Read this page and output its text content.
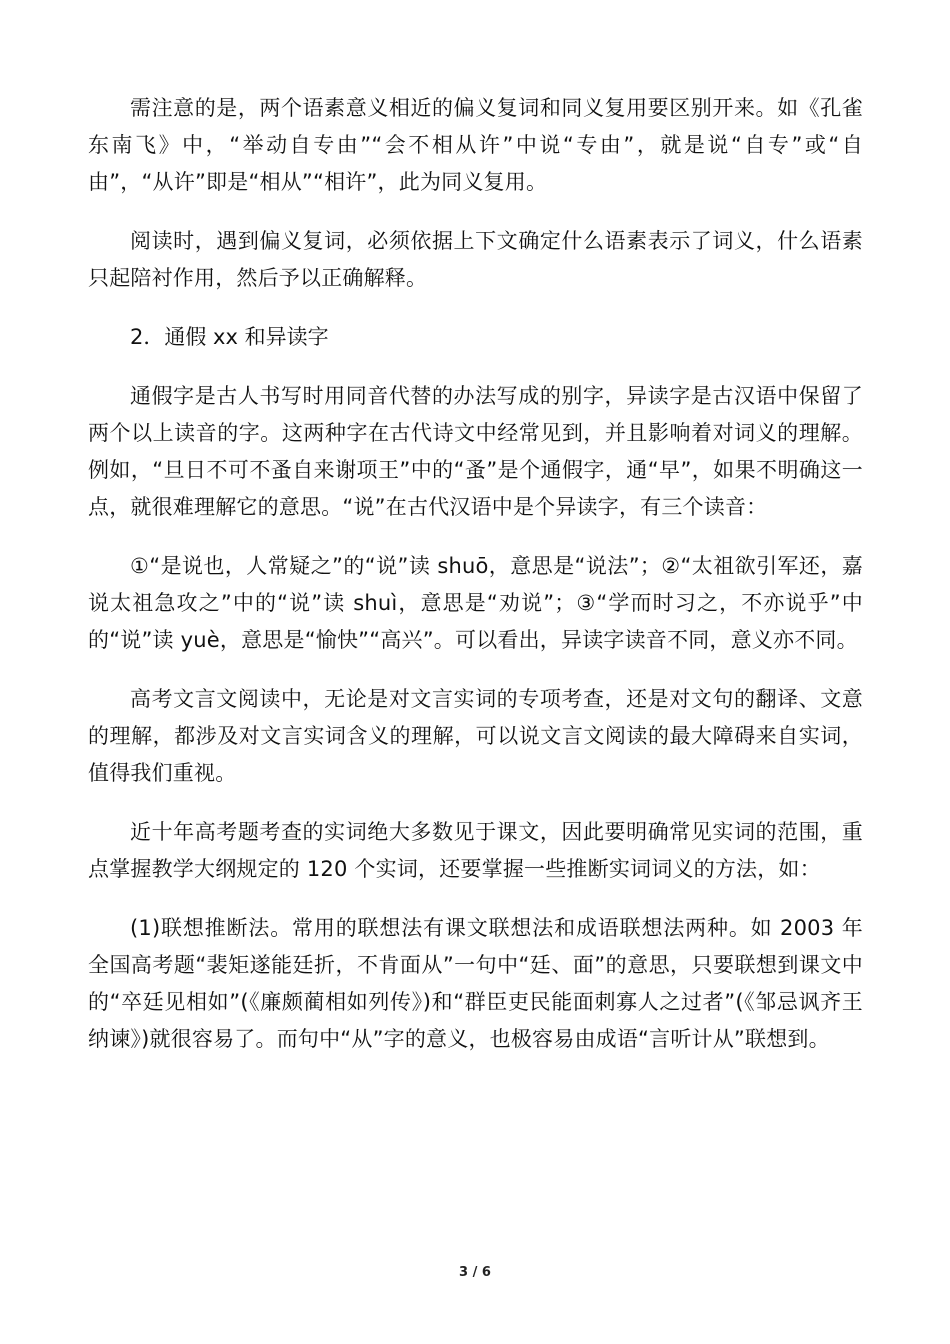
需注意的是，两个语素意义相近的偏义复词和同义复用要区别开来。如《孔雀东南飞》中，“举动自专由”“会不相从许”中说“专由”，就是说“自专”或“自由”，“从许”即是“相从”“相许”，此为同义复用。

阅读时，遇到偏义复词，必须依据上下文确定什么语素表示了词义，什么语素只起陪衬作用，然后予以正确解释。

2．通假 xx 和异读字

通假字是古人书写时用同音代替的办法写成的别字，异读字是古汉语中保留了两个以上读音的字。这两种字在古代诗文中经常见到，并且影响着对词义的理解。例如，“旦日不可不蚤自来谢项王”中的“蚤”是个通假字，通“早”，如果不明确这一点，就很难理解它的意思。“说”在古代汉语中是个异读字，有三个读音：

①“是说也，人常疑之”的“说”读 shuō，意思是“说法”；②“太祖欲引军还，嘉说太祖急攻之”中的“说”读 shuì，意思是“劝说”；③“学而时习之，不亦说乎”中的“说”读 yuè，意思是“愉快”“高兴”。可以看出，异读字读音不同，意义亦不同。

高考文言文阅读中，无论是对文言实词的专项考查，还是对文句的翻译、文意的理解，都涉及对文言实词含义的理解，可以说文言文阅读的最大障碍来自实词，值得我们重视。

近十年高考题考查的实词绝大多数见于课文，因此要明确常见实词的范围，重点掌握教学大纲规定的 120 个实词，还要掌握一些推断实词词义的方法，如：

(1)联想推断法。常用的联想法有课文联想法和成语联想法两种。如 2003 年全国高考题“裴矩遂能廷折，不肯面从”一句中“廷、面”的意思，只要联想到课文中的“卒廷见相如”(《廉颇蔺相如列传》)和“群臣吏民能面刺寡人之过者”(《邹忌讽齐王纳谏》)就很容易了。而句中“从”字的意义，也极容易由成语“言听计从”联想到。

3 / 6
